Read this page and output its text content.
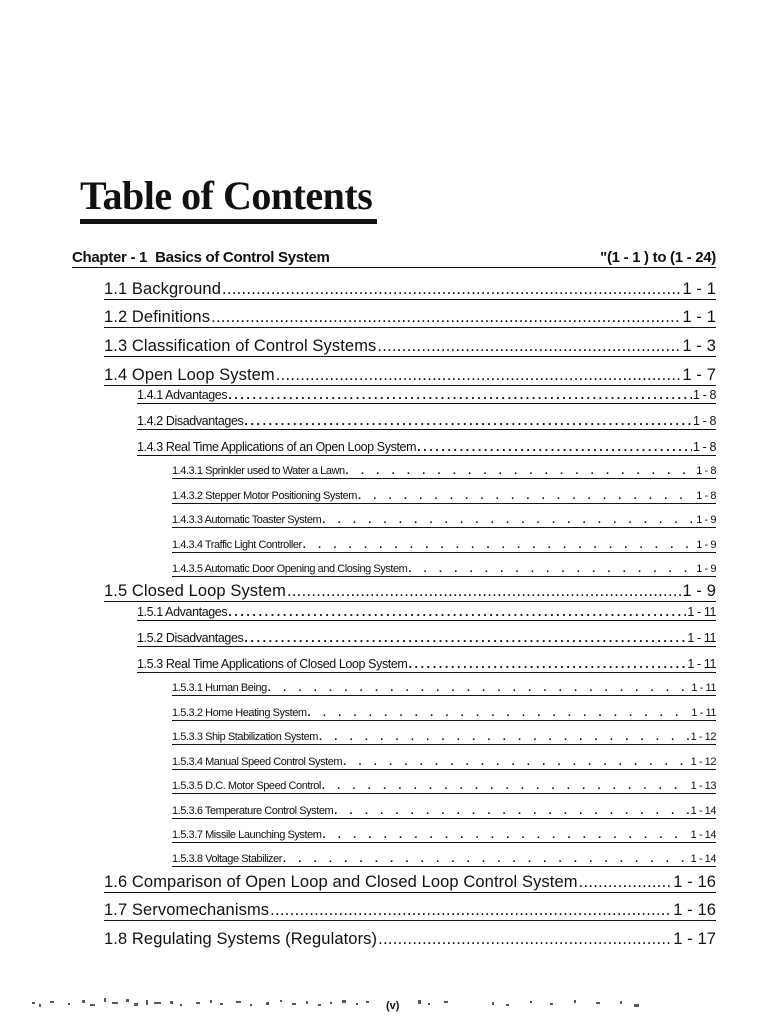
Table of Contents
Chapter - 1 Basics of Control System	"(1 - 1 ) to (1 - 24)
1.1 Background .....	1 - 1
1.2 Definitions .....	1 - 1
1.3 Classification of Control Systems .....	1 - 3
1.4 Open Loop System .....	1 - 7
1.4.1 Advantages .....	1 - 8
1.4.2 Disadvantages .....	1 - 8
1.4.3 Real Time Applications of an Open Loop System .....	1 - 8
1.4.3.1 Sprinkler used to Water a Lawn . . .	1 - 8
1.4.3.2 Stepper Motor Positioning System . . .	1 - 8
1.4.3.3 Automatic Toaster System . . .	1 - 9
1.4.3.4 Traffic Light Controller . . .	1 - 9
1.4.3.5 Automatic Door Opening and Closing System . . .	1 - 9
1.5 Closed Loop System .....	1 - 9
1.5.1 Advantages .....	1 - 11
1.5.2 Disadvantages .....	1 - 11
1.5.3 Real Time Applications of Closed Loop System .....	1 - 11
1.5.3.1 Human Being . . .	1 - 11
1.5.3.2 Home Heating System . . .	1 - 11
1.5.3.3 Ship Stabilization System . . .	1 - 12
1.5.3.4 Manual Speed Control System . . .	1 - 12
1.5.3.5 D.C. Motor Speed Control . . .	1 - 13
1.5.3.6 Temperature Control System . . .	1 - 14
1.5.3.7 Missile Launching System . . .	1 - 14
1.5.3.8 Voltage Stabilizer . . .	1 - 14
1.6 Comparison of Open Loop and Closed Loop Control System .....	1 - 16
1.7 Servomechanisms .....	1 - 16
1.8 Regulating Systems (Regulators) .....	1 - 17
(v)
